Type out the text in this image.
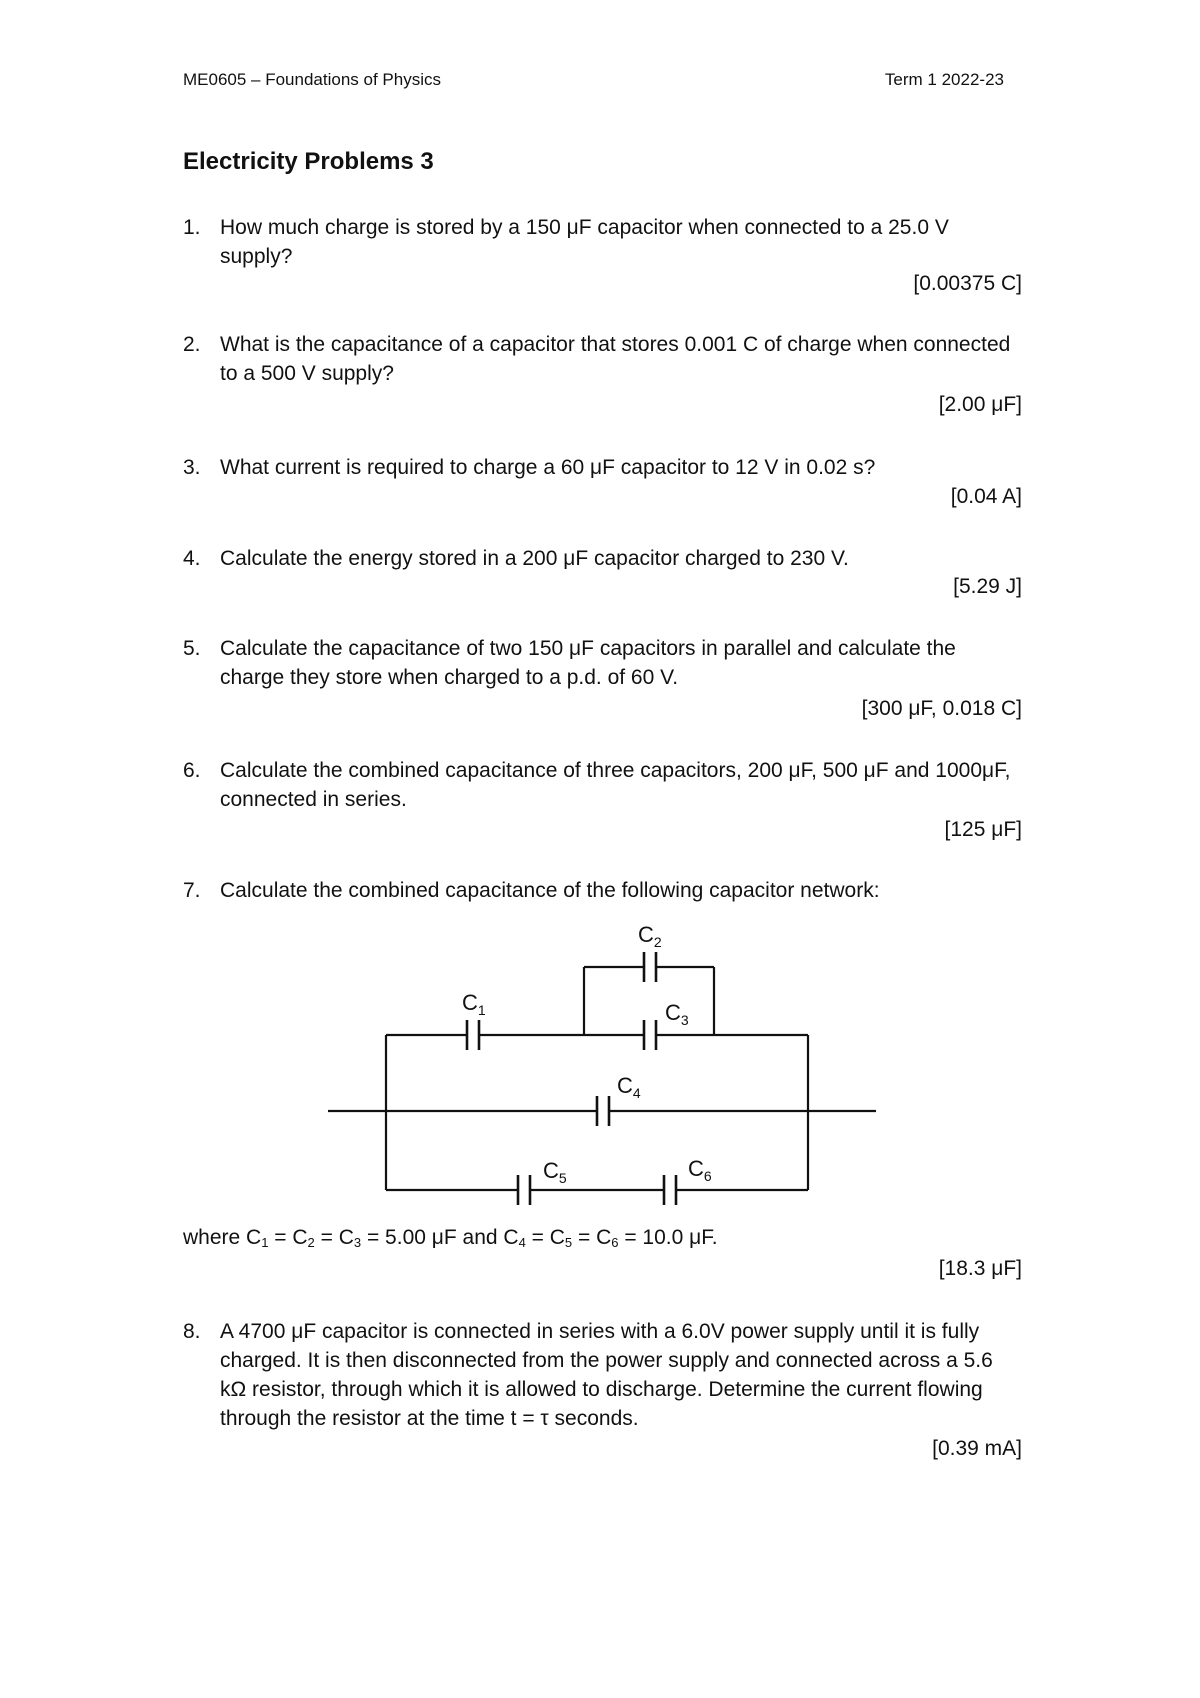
ME0605 – Foundations of Physics	Term 1 2022-23
Electricity Problems 3
1. How much charge is stored by a 150 μF capacitor when connected to a 25.0 V supply?
[0.00375 C]
2. What is the capacitance of a capacitor that stores 0.001 C of charge when connected to a 500 V supply?
[2.00 μF]
3. What current is required to charge a 60 μF capacitor to 12 V in 0.02 s?
[0.04 A]
4. Calculate the energy stored in a 200 μF capacitor charged to 230 V.
[5.29 J]
5. Calculate the capacitance of two 150 μF capacitors in parallel and calculate the charge they store when charged to a p.d. of 60 V.
[300 μF, 0.018 C]
6. Calculate the combined capacitance of three capacitors, 200 μF, 500 μF and 1000μF, connected in series.
[125 μF]
7. Calculate the combined capacitance of the following capacitor network:
$C_1$
$C_2$
$C_3$
$C_4$
$C_5$	$C_6$
where $C_1 = C_2 = C_3 = 5.00$ μF and $C_4 = C_5 = C_6 = 10.0$ μF.
[18.3 μF]
8. A 4700 μF capacitor is connected in series with a 6.0V power supply until it is fully charged. It is then disconnected from the power supply and connected across a 5.6 kΩ resistor, through which it is allowed to discharge. Determine the current flowing through the resistor at the time t = τ seconds.
[0.39 mA]
